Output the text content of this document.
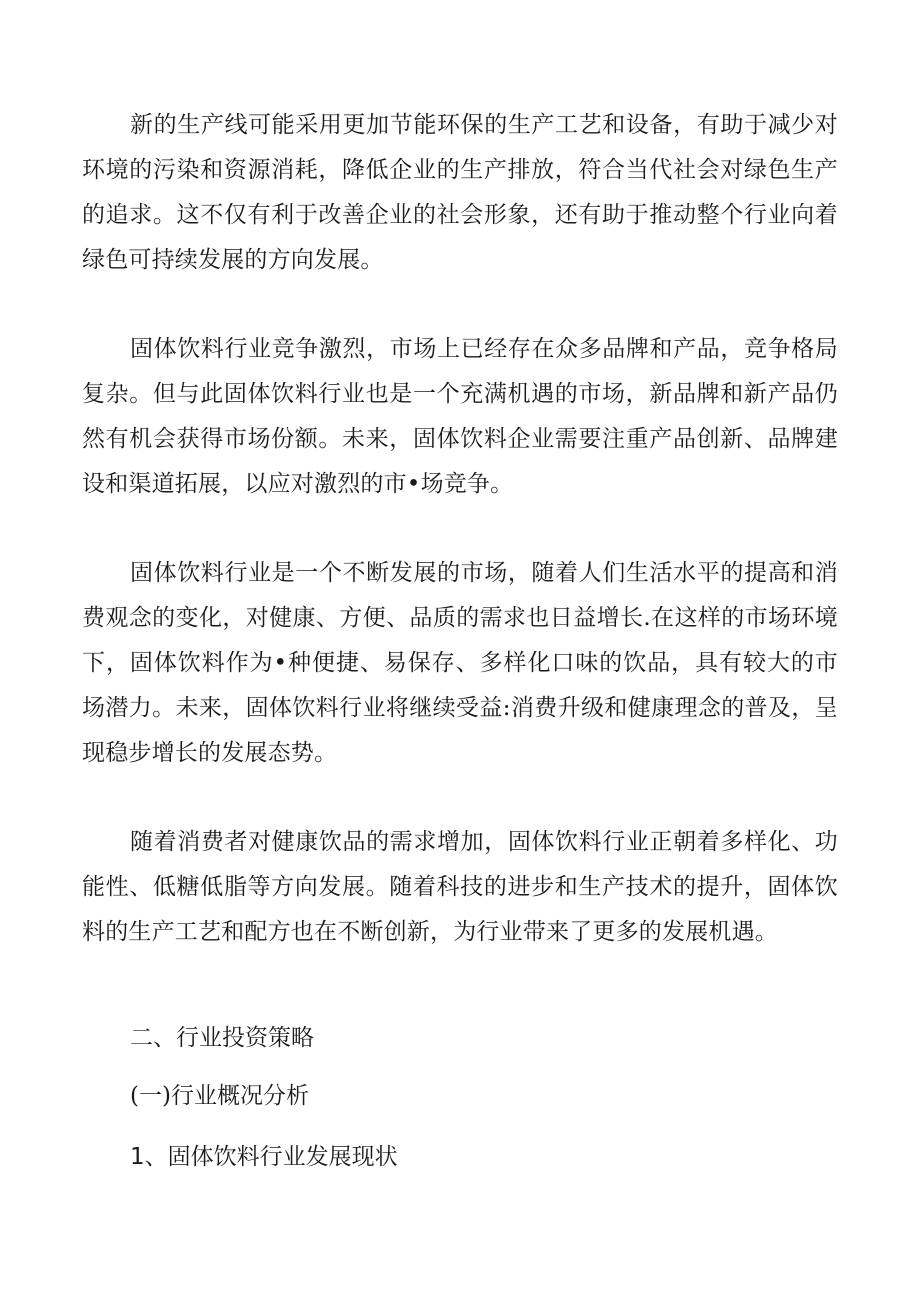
新的生产线可能采用更加节能环保的生产工艺和设备，有助于减少对环境的污染和资源消耗，降低企业的生产排放，符合当代社会对绿色生产的追求。这不仅有利于改善企业的社会形象，还有助于推动整个行业向着绿色可持续发展的方向发展。

固体饮料行业竞争激烈，市场上已经存在众多品牌和产品，竞争格局复杂。但与此固体饮料行业也是一个充满机遇的市场，新品牌和新产品仍然有机会获得市场份额。未来，固体饮料企业需要注重产品创新、品牌建设和渠道拓展，以应对激烈的市•场竞争。

固体饮料行业是一个不断发展的市场，随着人们生活水平的提高和消费观念的变化，对健康、方便、品质的需求也日益增长.在这样的市场环境下，固体饮料作为•种便捷、易保存、多样化口味的饮品，具有较大的市场潜力。未来，固体饮料行业将继续受益:消费升级和健康理念的普及，呈现稳步增长的发展态势。

随着消费者对健康饮品的需求增加，固体饮料行业正朝着多样化、功能性、低糖低脂等方向发展。随着科技的进步和生产技术的提升，固体饮料的生产工艺和配方也在不断创新，为行业带来了更多的发展机遇。

二、行业投资策略

(一)行业概况分析

1、固体饮料行业发展现状
